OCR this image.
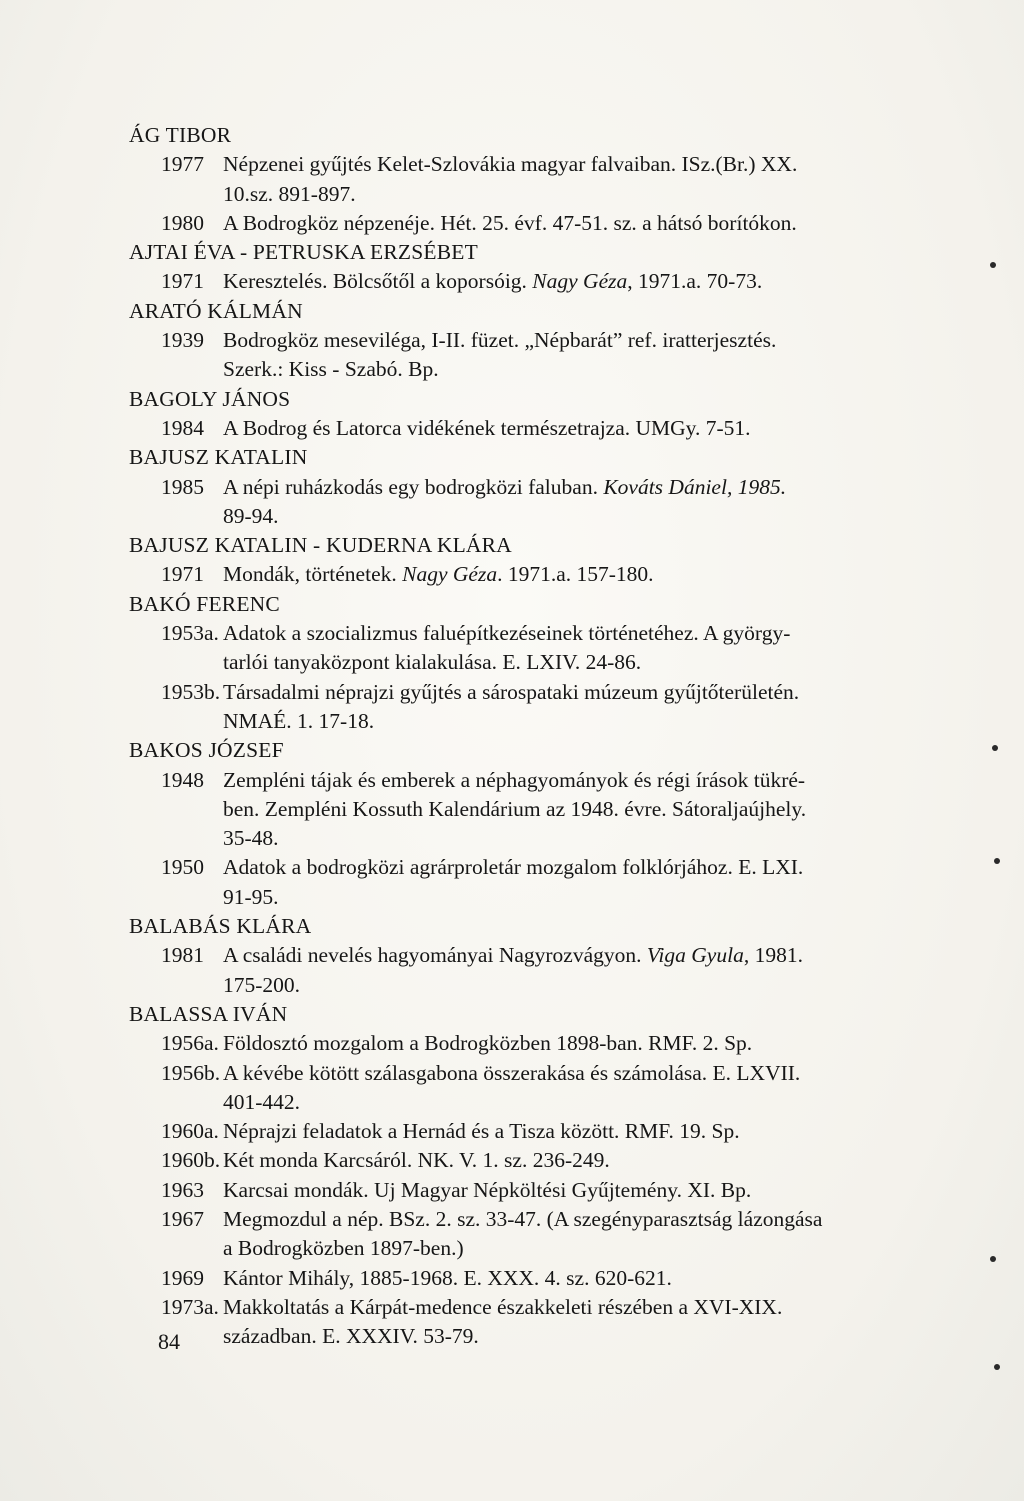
ÁG TIBOR
1977 Népzenei gyűjtés Kelet-Szlovákia magyar falvaiban. ISz.(Br.) XX.
10.sz. 891-897.
1980 A Bodrogköz népzenéje. Hét. 25. évf. 47-51. sz. a hátsó borítókon.
AJTAI ÉVA - PETRUSKA ERZSÉBET
1971 Keresztelés. Bölcsőtől a koporsóig. Nagy Géza, 1971.a. 70-73.
ARATÓ KÁLMÁN
1939 Bodrogköz meseviléga, I-II. füzet. „Népbarát” ref. iratterjesztés.
Szerk.: Kiss - Szabó. Bp.
BAGOLY JÁNOS
1984 A Bodrog és Latorca vidékének természetrajza. UMGy. 7-51.
BAJUSZ KATALIN
1985 A népi ruházkodás egy bodrogközi faluban. Kováts Dániel, 1985.
89-94.
BAJUSZ KATALIN - KUDERNA KLÁRA
1971 Mondák, történetek. Nagy Géza. 1971.a. 157-180.
BAKÓ FERENC
1953a. Adatok a szocializmus faluépítkezéseinek történetéhez. A györgy-
tarlói tanyaközpont kialakulása. E. LXIV. 24-86.
1953b. Társadalmi néprajzi gyűjtés a sárospataki múzeum gyűjtőterületén.
NMAÉ. 1. 17-18.
BAKOS JÓZSEF
1948 Zempléni tájak és emberek a néphagyományok és régi írások tükré-
ben. Zempléni Kossuth Kalendárium az 1948. évre. Sátoraljaújhely.
35-48.
1950 Adatok a bodrogközi agrárproletár mozgalom folklórjához. E. LXI.
91-95.
BALABÁS KLÁRA
1981 A családi nevelés hagyományai Nagyrozvágyon. Viga Gyula, 1981.
175-200.
BALASSA IVÁN
1956a. Földosztó mozgalom a Bodrogközben 1898-ban. RMF. 2. Sp.
1956b. A kévébe kötött szálasgabona összerakása és számolása. E. LXVII.
401-442.
1960a. Néprajzi feladatok a Hernád és a Tisza között. RMF. 19. Sp.
1960b. Két monda Karcsáról. NK. V. 1. sz. 236-249.
1963 Karcsai mondák. Uj Magyar Népköltési Gyűjtemény. XI. Bp.
1967 Megmozdul a nép. BSz. 2. sz. 33-47. (A szegényparasztság lázongása
a Bodrogközben 1897-ben.)
1969 Kántor Mihály, 1885-1968. E. XXX. 4. sz. 620-621.
1973a. Makkoltatás a Kárpát-medence északkeleti részében a XVI-XIX.
században. E. XXXIV. 53-79.
84
